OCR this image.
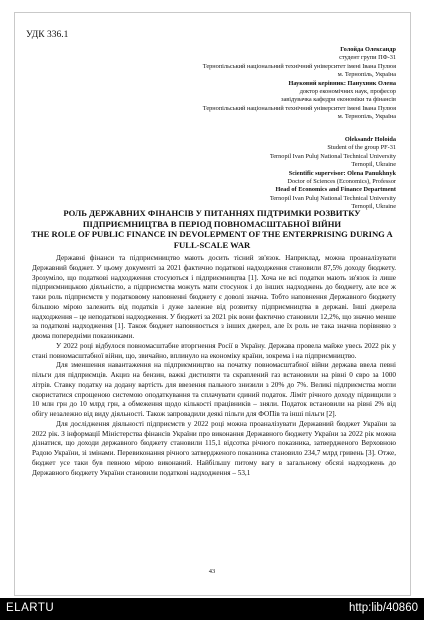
УДК 336.1
Голойда Олександр
студент групи ПФ-31
Тернопільський національний технічний університет імені Івана Пулюя
м. Тернопіль, Україна
Науковий керівник: Панухник Олена
доктор економічних наук, професор
завідувачка кафедри економіки та фінансів
Тернопільський національний технічний університет імені Івана Пулюя
м. Тернопіль, Україна
Oleksandr Holoida
Student of the group PF-31
Ternopil Ivan Puluj National Technical University
Ternopil, Ukraine
Scientific supervisor: Olena Panukhnyk
Doctor of Sciences (Economics), Professor
Head of Economics and Finance Department
Ternopil Ivan Puluj National Technical University
Ternopil, Ukraine
РОЛЬ ДЕРЖАВНИХ ФІНАНСІВ У ПИТАННЯХ ПІДТРИМКИ РОЗВИТКУ ПІДПРИЄМНИЦТВА В ПЕРІОД ПОВНОМАСШТАБНОЇ ВІЙНИ
THE ROLE OF PUBLIC FINANCE IN DEVOLEPMENT OF THE ENTERPRISING DURING A FULL-SCALE WAR

Державні фінанси та підприємництво мають досить тісний зв'язок. Наприклад, можна проаналізувати Державний бюджет. У цьому документі за 2021 фактично податкові надходження становили 87,5% доходу бюджету. Зрозуміло, що податкові надходження стосуються і підприємництва [1]. Хоча не всі податки мають зв'язок із лише підприємницькою діяльністю, а підприємства можуть мати стосунок і до інших надходжень до бюджету, але все ж таки роль підприємств у податковому наповненні бюджету є доволі значна. Тобто наповнення Державного бюджету більшою мірою залежить від податків і дуже залежне від розвитку підприємництва в державі. Інші джерела надходження – це неподаткові надходження. У бюджеті за 2021 рік вони фактично становили 12,2%, що значно менше за податкові надходження [1]. Також бюджет наповнюється з інших джерел, але їх роль не така значна порівняно з двома попередніми показниками.

У 2022 році відбулося повномасштабне вторгнення Росії в Україну. Держава провела майже увесь 2022 рік у стані повномасштабної війни, що, звичайно, вплинуло на економіку країни, зокрема і на підприємництво.

Для зменшення навантаження на підприємництво на початку повномасштабної війни держава ввела певні пільги для підприємців. Акциз на бензин, важкі дистиляти та скраплений газ встановили на рівні 0 євро за 1000 літрів. Ставку податку на додану вартість для ввезення пального знизили з 20% до 7%. Великі підприємства могли скористатися спрощеною системою оподаткування та сплачувати єдиний податок. Ліміт річного доходу підвищили з 10 млн грн до 10 млрд грн, а обмеження щодо кількості працівників – зняли. Податок встановили на рівні 2% від обігу незалежно від виду діяльності. Також запровадили деякі пільги для ФОПів та інші пільги [2].

Для дослідження діяльності підприємств у 2022 році можна проаналізувати Державний бюджет України за 2022 рік. З інформації Міністерства фінансів України про виконання Державного бюджету України за 2022 рік можна дізнатися, що доходи державного бюджету становили 115,1 відсотка річного показника, затвердженого Верховною Радою України, зі змінами. Перевиконання річного затвердженого показника становило 234,7 млрд гривень [3]. Отже, бюджет усе таки був певною мірою виконаний. Найбільшу питому вагу в загальному обсязі надходжень до Державного бюджету України становили податкові надходження – 53,1

43
ELARTU	http:lib/40860
